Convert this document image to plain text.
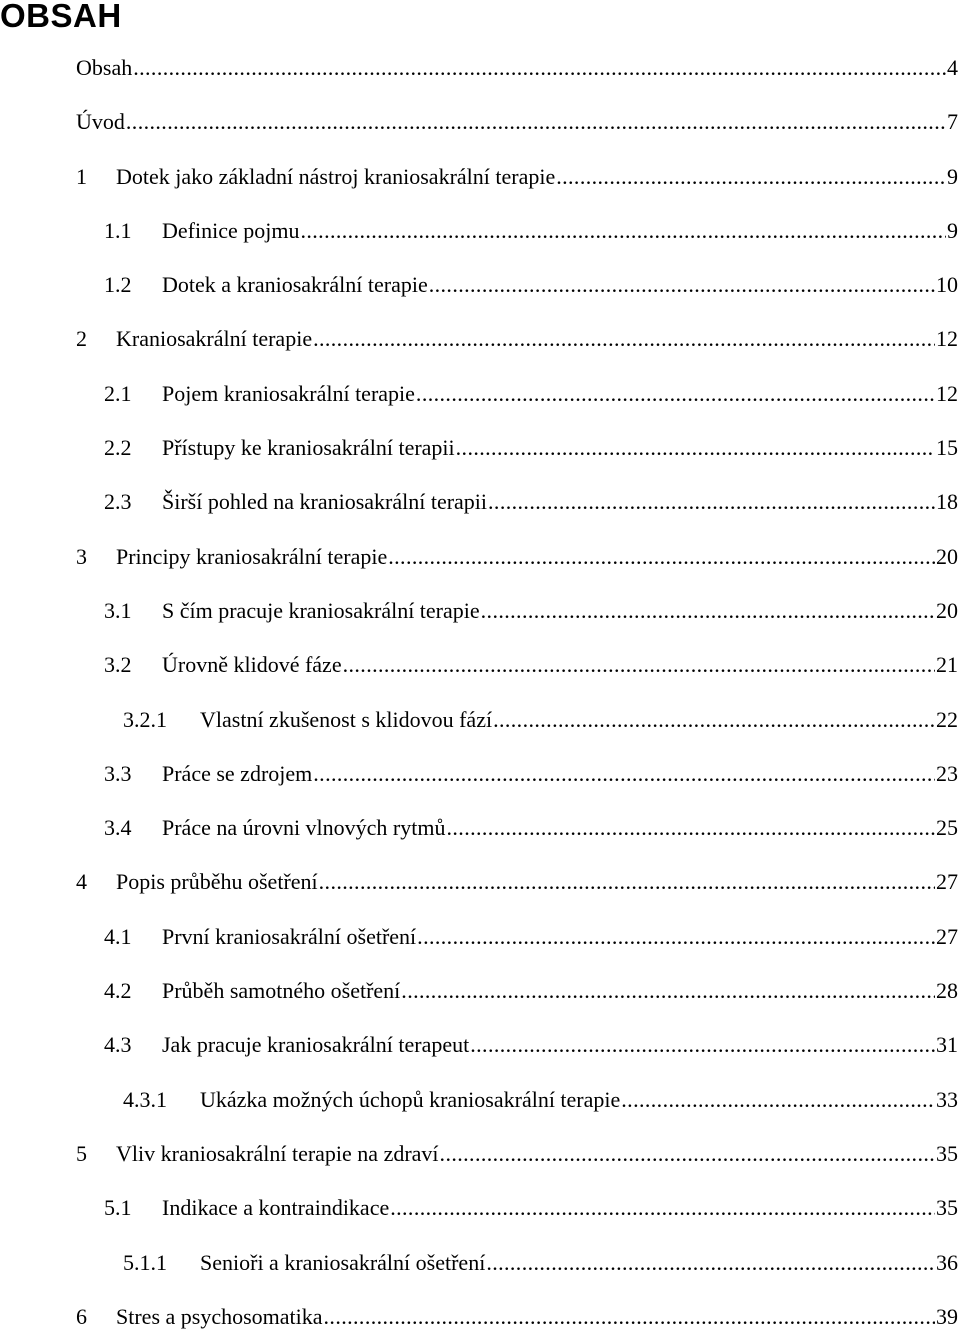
OBSAH
Obsah .....	4
Úvod .....	7
1	Dotek jako základní nástroj kraniosakrální terapie .....	9
1.1	Definice pojmu .....	9
1.2	Dotek a kraniosakrální terapie .....	10
2	Kraniosakrální terapie .....	12
2.1	Pojem kraniosakrální terapie .....	12
2.2	Přístupy ke kraniosakrální terapii .....	15
2.3	Širší pohled na kraniosakrální terapii .....	18
3	Principy kraniosakrální terapie .....	20
3.1	S čím pracuje kraniosakrální terapie .....	20
3.2	Úrovně klidové fáze .....	21
3.2.1	Vlastní zkušenost s klidovou fází .....	22
3.3	Práce se zdrojem .....	23
3.4	Práce na úrovni vlnových rytmů .....	25
4	Popis průběhu ošetření .....	27
4.1	První kraniosakrální ošetření .....	27
4.2	Průběh samotného ošetření .....	28
4.3	Jak pracuje kraniosakrální terapeut .....	31
4.3.1	Ukázka možných úchopů kraniosakrální terapie .....	33
5	Vliv kraniosakrální terapie na zdraví .....	35
5.1	Indikace a kontraindikace .....	35
5.1.1	Senioři a kraniosakrální ošetření .....	36
6	Stres a psychosomatika .....	39
